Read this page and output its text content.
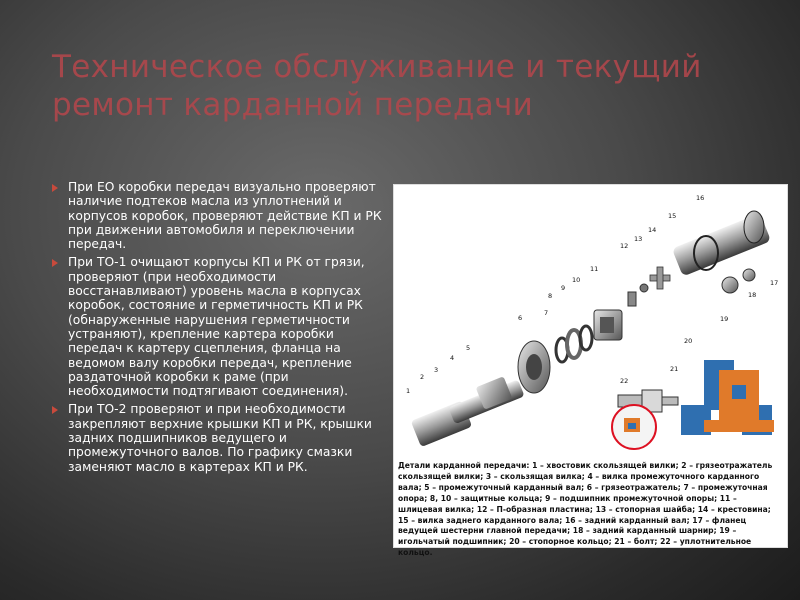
Техническое обслуживание и текущий ремонт карданной передачи
При ЕО коробки передач визуально проверяют наличие подтеков масла из уплотнений и корпусов коробок, проверяют действие КП и РК при движении автомобиля и переключении передач.
При ТО-1 очищают корпусы КП и РК от грязи, проверяют (при необходимости восстанавливают) уровень масла в корпусах коробок, состояние и герметичность КП и РК (обнаруженные нарушения герметичности устраняют), крепление картера коробки передач к картеру сцепления, фланца на ведомом валу коробки передач, крепление раздаточной коробки к раме (при необходимости подтягивают соединения).
При ТО-2 проверяют и при необходимости закрепляют верхние крышки КП и РК, крышки задних подшипников ведущего и промежуточного валов. По графику смазки заменяют масло в картерах КП и РК.
1
2
3
4
5
6
7
8
9
10
11
12
13
14
15
16
17
18
19
20
21
22

Детали карданной передачи: 1 – хвостовик скользящей вилки; 2 – грязеотражатель скользящей вилки; 3 – скользящая вилка; 4 – вилка промежуточного карданного вала; 5 – промежуточный карданный вал; 6 – грязеотражатель; 7 – промежуточная опора; 8, 10 – защитные кольца; 9 – подшипник промежуточной опоры; 11 – шлицевая вилка; 12 – П-образная пластина; 13 – стопорная шайба; 14 – крестовина; 15 – вилка заднего карданного вала; 16 – задний карданный вал; 17 – фланец ведущей шестерни главной передачи; 18 – задний карданный шарнир; 19 – игольчатый подшипник; 20 – стопорное кольцо; 21 – болт; 22 – уплотнительное кольцо.
